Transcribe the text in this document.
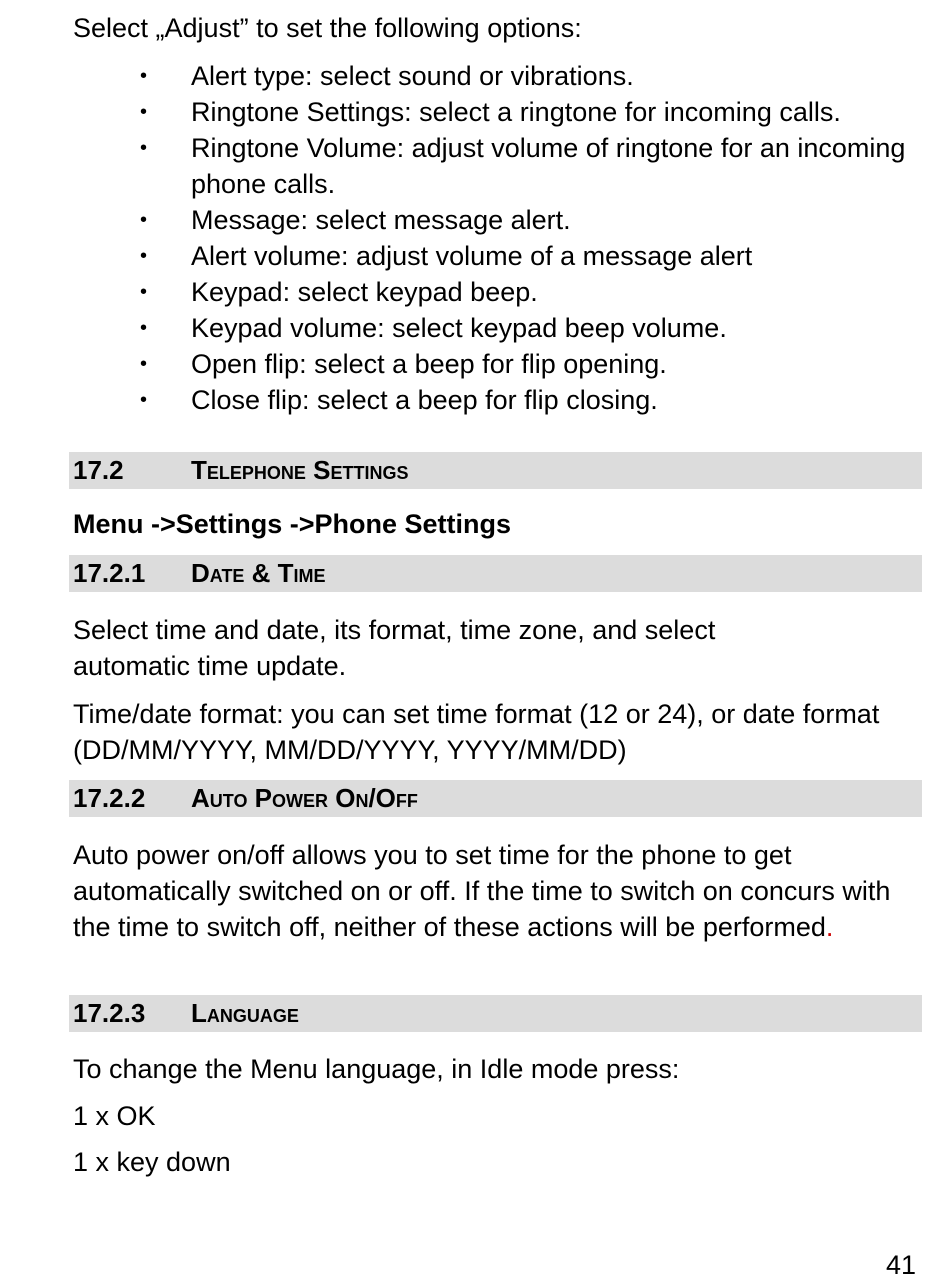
Select „Adjust” to set the following options:

• Alert type: select sound or vibrations.
• Ringtone Settings: select a ringtone for incoming calls.
• Ringtone Volume: adjust volume of ringtone for an incoming phone calls.
• Message: select message alert.
• Alert volume: adjust volume of a message alert
• Keypad: select keypad beep.
• Keypad volume: select keypad beep volume.
• Open flip: select a beep for flip opening.
• Close flip: select a beep for flip closing.
17.2	Telephone Settings

Menu ->Settings ->Phone Settings

17.2.1 Date & Time

Select time and date, its format, time zone, and select automatic time update.

Time/date format: you can set time format (12 or 24), or date format (DD/MM/YYYY, MM/DD/YYYY, YYYY/MM/DD)

17.2.2 Auto Power On/Off

Auto power on/off allows you to set time for the phone to get automatically switched on or off. If the time to switch on concurs with the time to switch off, neither of these actions will be performed.

17.2.3 Language

To change the Menu language, in Idle mode press:

1 x OK

1 x key down

41
